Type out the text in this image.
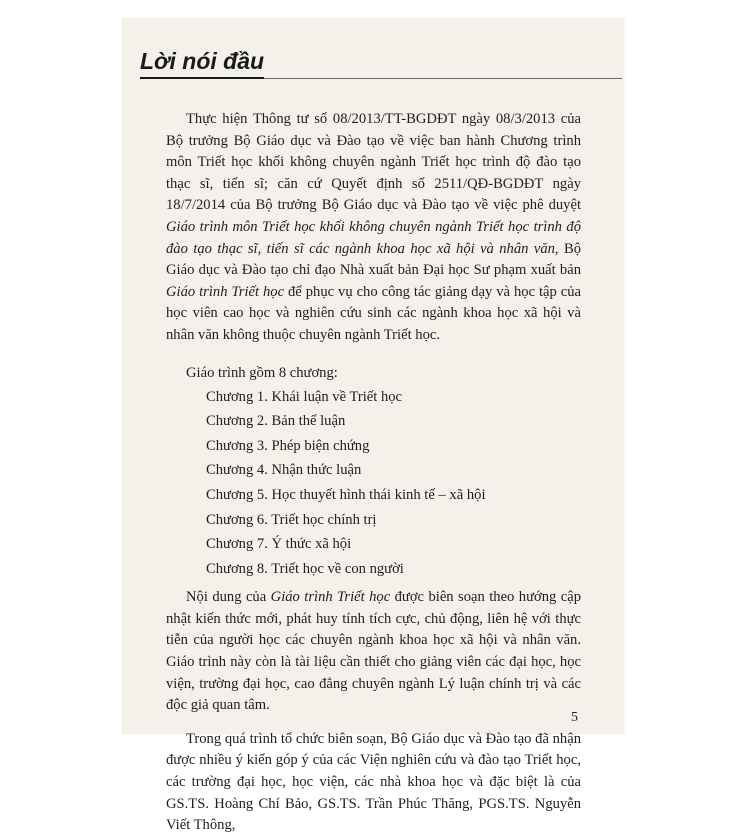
Lời nói đầu

Thực hiện Thông tư số 08/2013/TT-BGDĐT ngày 08/3/2013 của Bộ trưởng Bộ Giáo dục và Đào tạo về việc ban hành Chương trình môn Triết học khối không chuyên ngành Triết học trình độ đào tạo thạc sĩ, tiến sĩ; căn cứ Quyết định số 2511/QĐ-BGDĐT ngày 18/7/2014 của Bộ trưởng Bộ Giáo dục và Đào tạo về việc phê duyệt Giáo trình môn Triết học khối không chuyên ngành Triết học trình độ đào tạo thạc sĩ, tiến sĩ các ngành khoa học xã hội và nhân văn, Bộ Giáo dục và Đào tạo chỉ đạo Nhà xuất bản Đại học Sư phạm xuất bản Giáo trình Triết học để phục vụ cho công tác giảng dạy và học tập của học viên cao học và nghiên cứu sinh các ngành khoa học xã hội và nhân văn không thuộc chuyên ngành Triết học.

Giáo trình gồm 8 chương:

Chương 1. Khái luận về Triết học
Chương 2. Bản thể luận
Chương 3. Phép biện chứng
Chương 4. Nhận thức luận
Chương 5. Học thuyết hình thái kinh tế – xã hội
Chương 6. Triết học chính trị
Chương 7. Ý thức xã hội
Chương 8. Triết học về con người

Nội dung của Giáo trình Triết học được biên soạn theo hướng cập nhật kiến thức mới, phát huy tính tích cực, chủ động, liên hệ với thực tiễn của người học các chuyên ngành khoa học xã hội và nhân văn. Giáo trình này còn là tài liệu cần thiết cho giảng viên các đại học, học viện, trường đại học, cao đẳng chuyên ngành Lý luận chính trị và các độc giả quan tâm.

Trong quá trình tổ chức biên soạn, Bộ Giáo dục và Đào tạo đã nhận được nhiều ý kiến góp ý của các Viện nghiên cứu và đào tạo Triết học, các trường đại học, học viện, các nhà khoa học và đặc biệt là của GS.TS. Hoàng Chí Bảo, GS.TS. Trần Phúc Thăng, PGS.TS. Nguyễn Viết Thông,

5
